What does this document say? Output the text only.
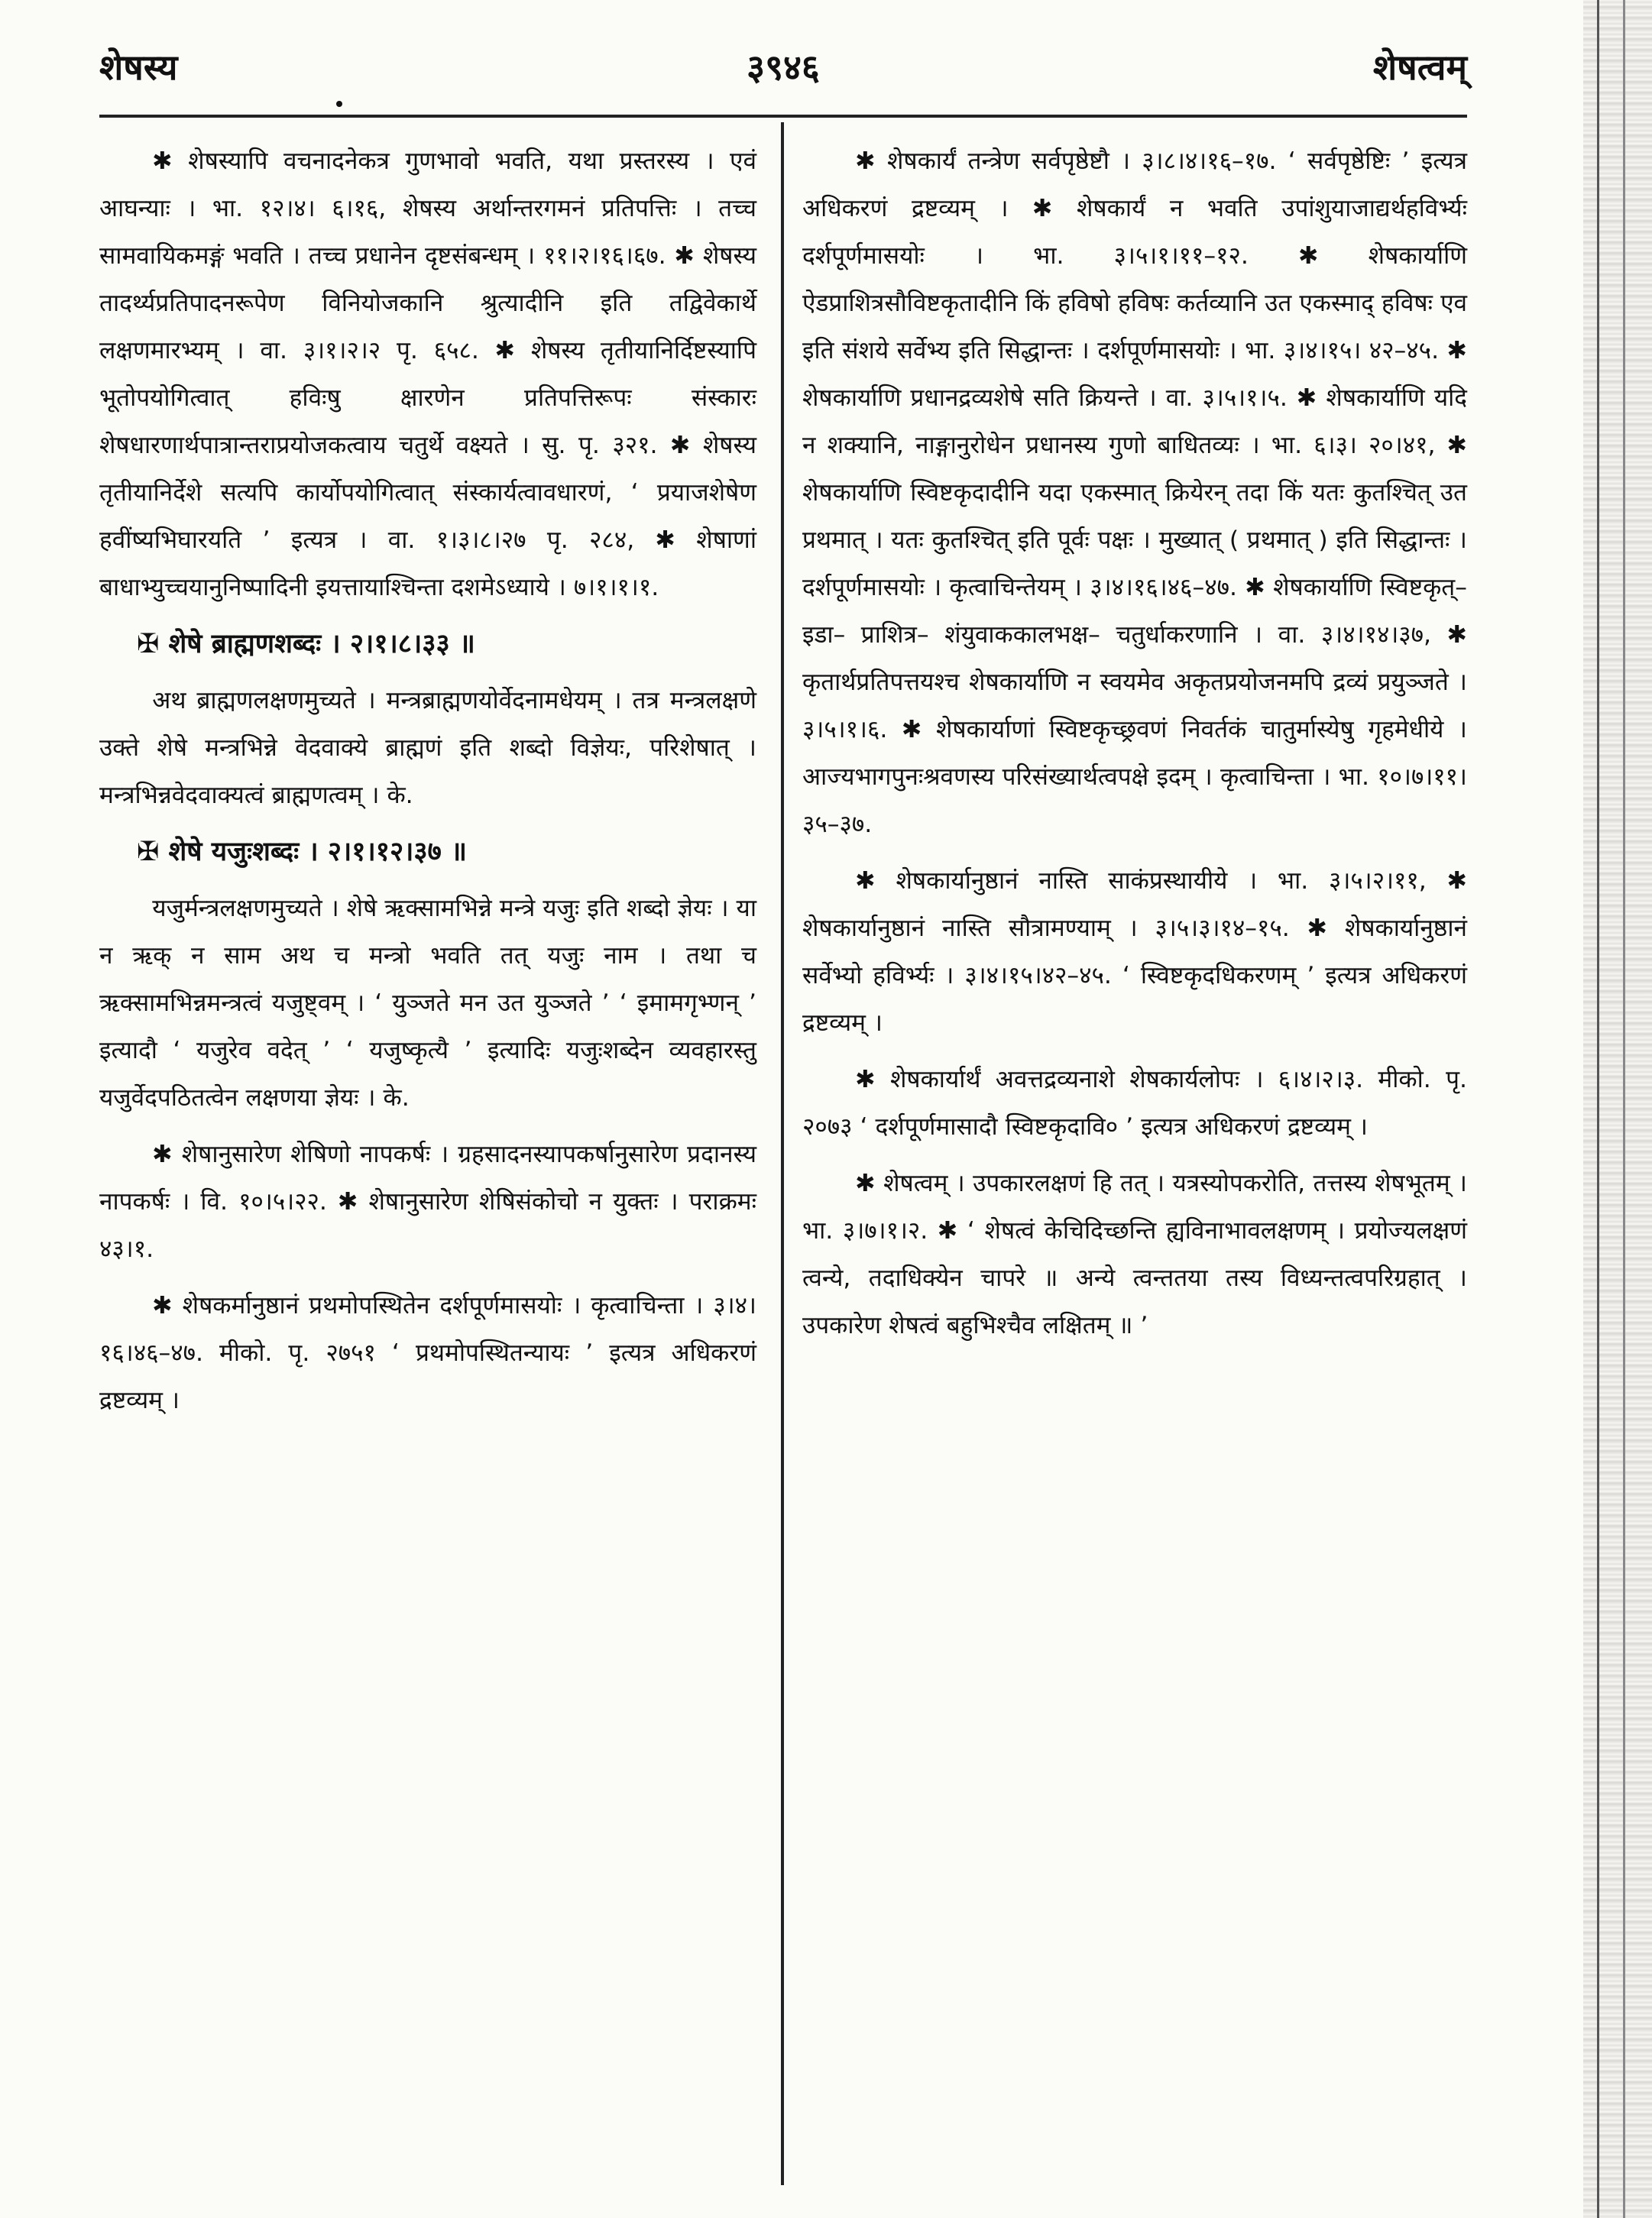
शेषस्य	३९४६	शेषत्वम्

✱ शेषस्यापि वचनादनेकत्र गुणभावो भवति, यथा प्रस्तरस्य । एवं आघन्याः । भा. १२।४। ६।१६, शेषस्य अर्थान्तरगमनं प्रतिपत्तिः । तच्च सामवायिकमङ्गं भवति । तच्च प्रधानेन दृष्टसंबन्धम् । ११।२।१६।६७. ✱ शेषस्य तादर्थ्यप्रतिपादनरूपेण विनियोजकानि श्रुत्यादीनि इति तद्विवेकार्थे लक्षणमारभ्यम् । वा. ३।१।२।२ पृ. ६५८. ✱ शेषस्य तृतीयानिर्दिष्टस्यापि भूतोपयोगित्वात् हविःषु क्षारणेन प्रतिपत्तिरूपः संस्कारः शेषधारणार्थपात्रान्तराप्रयोजकत्वाय चतुर्थे वक्ष्यते । सु. पृ. ३२१. ✱ शेषस्य तृतीयानिर्देशे सत्यपि कार्योपयोगित्वात् संस्कार्यत्वावधारणं, ‘ प्रयाजशेषेण हवींष्यभिघारयति ’ इत्यत्र । वा. १।३।८।२७ पृ. २८४, ✱ शेषाणां बाधाभ्युच्चयानुनिष्पादिनी इयत्तायाश्चिन्ता दशमेऽध्याये । ७।१।१।१.

✠ शेषे ब्राह्मणशब्दः । २।१।८।३३ ॥

अथ ब्राह्मणलक्षणमुच्यते । मन्त्रब्राह्मणयोर्वेदनामधेयम् । तत्र मन्त्रलक्षणे उक्ते शेषे मन्त्रभिन्ने वेदवाक्ये ब्राह्मणं इति शब्दो विज्ञेयः, परिशेषात् । मन्त्रभिन्नवेदवाक्यत्वं ब्राह्मणत्वम् । के.

✠ शेषे यजुःशब्दः । २।१।१२।३७ ॥

यजुर्मन्त्रलक्षणमुच्यते । शेषे ऋक्सामभिन्ने मन्त्रे यजुः इति शब्दो ज्ञेयः । या न ऋक् न साम अथ च मन्त्रो भवति तत् यजुः नाम । तथा च ऋक्सामभिन्नमन्त्रत्वं यजुष्ट्वम् । ‘ युञ्जते मन उत युञ्जते ’ ‘ इमामगृभ्णन् ’ इत्यादौ ‘ यजुरेव वदेत् ’ ‘ यजुष्कृत्यै ’ इत्यादिः यजुःशब्देन व्यवहारस्तु यजुर्वेदपठितत्वेन लक्षणया ज्ञेयः । के.

✱ शेषानुसारेण शेषिणो नापकर्षः । ग्रहसादनस्यापकर्षानुसारेण प्रदानस्य नापकर्षः । वि. १०।५।२२. ✱ शेषानुसारेण शेषिसंकोचो न युक्तः । पराक्रमः ४३।१.

✱ शेषकर्मानुष्ठानं प्रथमोपस्थितेन दर्शपूर्णमासयोः । कृत्वाचिन्ता । ३।४।१६।४६–४७. मीको. पृ. २७५१ ‘ प्रथमोपस्थितन्यायः ’ इत्यत्र अधिकरणं द्रष्टव्यम् ।

✱ शेषकार्यं तन्त्रेण सर्वपृष्ठेष्टौ । ३।८।४।१६–१७. ‘ सर्वपृष्ठेष्टिः ’ इत्यत्र अधिकरणं द्रष्टव्यम् । ✱ शेषकार्यं न भवति उपांशुयाजाद्यर्थहविर्भ्यः दर्शपूर्णमासयोः । भा. ३।५।१।११–१२. ✱ शेषकार्याणि ऐडप्राशित्रसौविष्टकृतादीनि किं हविषो हविषः कर्तव्यानि उत एकस्माद् हविषः एव इति संशये सर्वेभ्य इति सिद्धान्तः । दर्शपूर्णमासयोः । भा. ३।४।१५। ४२–४५. ✱ शेषकार्याणि प्रधानद्रव्यशेषे सति क्रियन्ते । वा. ३।५।१।५. ✱ शेषकार्याणि यदि न शक्यानि, नाङ्गानुरोधेन प्रधानस्य गुणो बाधितव्यः । भा. ६।३। २०।४१, ✱ शेषकार्याणि स्विष्टकृदादीनि यदा एकस्मात् क्रियेरन् तदा किं यतः कुतश्चित् उत प्रथमात् । यतः कुतश्चित् इति पूर्वः पक्षः । मुख्यात् ( प्रथमात् ) इति सिद्धान्तः । दर्शपूर्णमासयोः । कृत्वाचिन्तेयम् । ३।४।१६।४६–४७. ✱ शेषकार्याणि स्विष्टकृत्–इडा– प्राशित्र– शंयुवाककालभक्ष– चतुर्धाकरणानि । वा. ३।४।१४।३७, ✱ कृतार्थप्रतिपत्तयश्च शेषकार्याणि न स्वयमेव अकृतप्रयोजनमपि द्रव्यं प्रयुञ्जते । ३।५।१।६. ✱ शेषकार्याणां स्विष्टकृच्छ्रवणं निवर्तकं चातुर्मास्येषु गृहमेधीये । आज्यभागपुनःश्रवणस्य परिसंख्यार्थत्वपक्षे इदम् । कृत्वाचिन्ता । भा. १०।७।११।३५–३७.

✱ शेषकार्यानुष्ठानं नास्ति साकंप्रस्थायीये । भा. ३।५।२।११, ✱ शेषकार्यानुष्ठानं नास्ति सौत्रामण्याम् । ३।५।३।१४–१५. ✱ शेषकार्यानुष्ठानं सर्वेभ्यो हविर्भ्यः । ३।४।१५।४२–४५. ‘ स्विष्टकृदधिकरणम् ’ इत्यत्र अधिकरणं द्रष्टव्यम् ।

✱ शेषकार्यार्थं अवत्तद्रव्यनाशे शेषकार्यलोपः । ६।४।२।३. मीको. पृ. २०७३ ‘ दर्शपूर्णमासादौ स्विष्टकृदावि० ’ इत्यत्र अधिकरणं द्रष्टव्यम् ।

✱ शेषत्वम् । उपकारलक्षणं हि तत् । यत्रस्योपकरोति, तत्तस्य शेषभूतम् । भा. ३।७।१।२. ✱ ‘ शेषत्वं केचिदिच्छन्ति ह्यविनाभावलक्षणम् । प्रयोज्यलक्षणं त्वन्ये, तदाधिक्येन चापरे ॥ अन्ये त्वन्ततया तस्य विध्यन्तत्वपरिग्रहात् । उपकारेण शेषत्वं बहुभिश्चैव लक्षितम् ॥ ’
